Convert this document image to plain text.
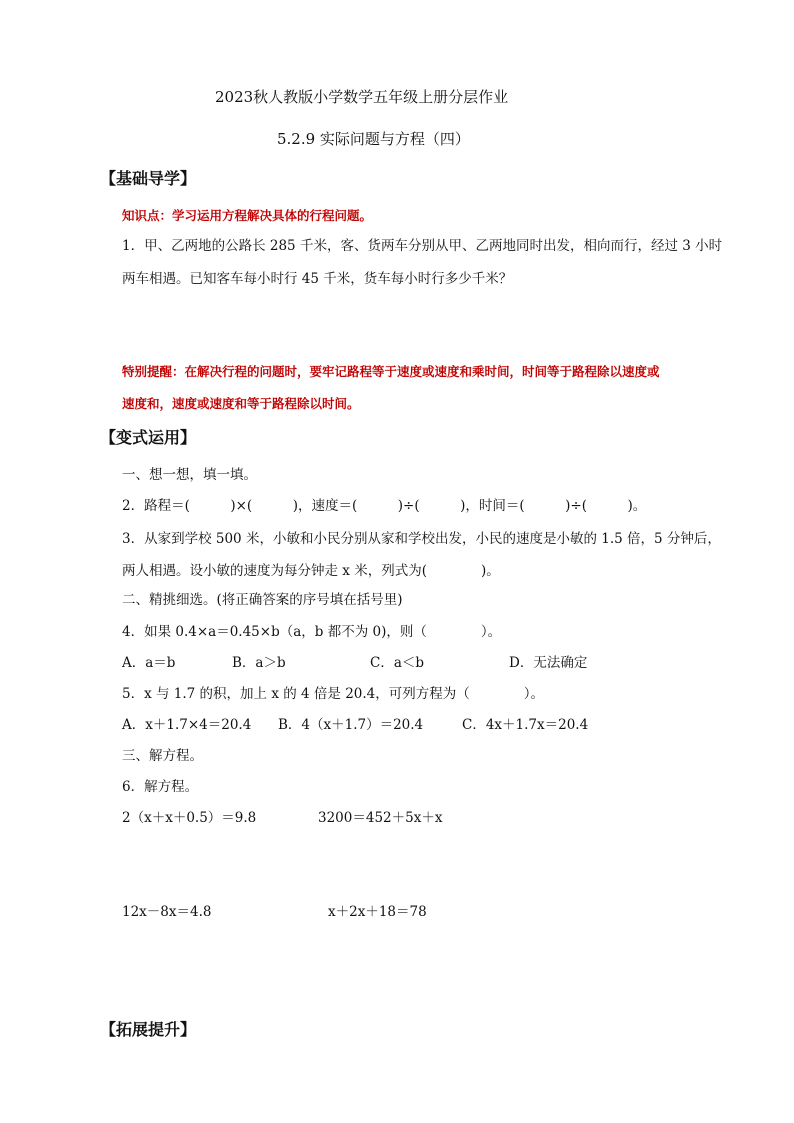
2023秋人教版小学数学五年级上册分层作业
5.2.9 实际问题与方程（四）
【基础导学】
知识点：学习运用方程解决具体的行程问题。
1．甲、乙两地的公路长 285 千米，客、货两车分别从甲、乙两地同时出发，相向而行，经过 3 小时
两车相遇。已知客车每小时行 45 千米，货车每小时行多少千米？
特别提醒：在解决行程的问题时，要牢记路程等于速度或速度和乘时间，时间等于路程除以速度或
速度和，速度或速度和等于路程除以时间。
【变式运用】
一、想一想，填一填。
2．路程＝(　　　)×(　　　)，速度＝(　　　)÷(　　　)，时间＝(　　　)÷(　　　)。
3．从家到学校 500 米，小敏和小民分别从家和学校出发，小民的速度是小敏的 1.5 倍，5 分钟后，
两人相遇。设小敏的速度为每分钟走 x 米，列式为(　　　　)。
二、精挑细选。(将正确答案的序号填在括号里)
4．如果 0.4×a＝0.45×b（a，b 都不为 0)，则（　　　　）。
A．a＝b	B．a＞b	C．a＜b	D．无法确定
5．x 与 1.7 的积，加上 x 的 4 倍是 20.4，可列方程为（　　　　）。
A．x＋1.7×4＝20.4 B．4（x＋1.7）＝20.4	C．4x＋1.7x＝20.4
三、解方程。
6．解方程。
2（x＋x＋0.5）＝9.8	3200＝452＋5x＋x
12x－8x＝4.8	x＋2x＋18＝78
【拓展提升】
